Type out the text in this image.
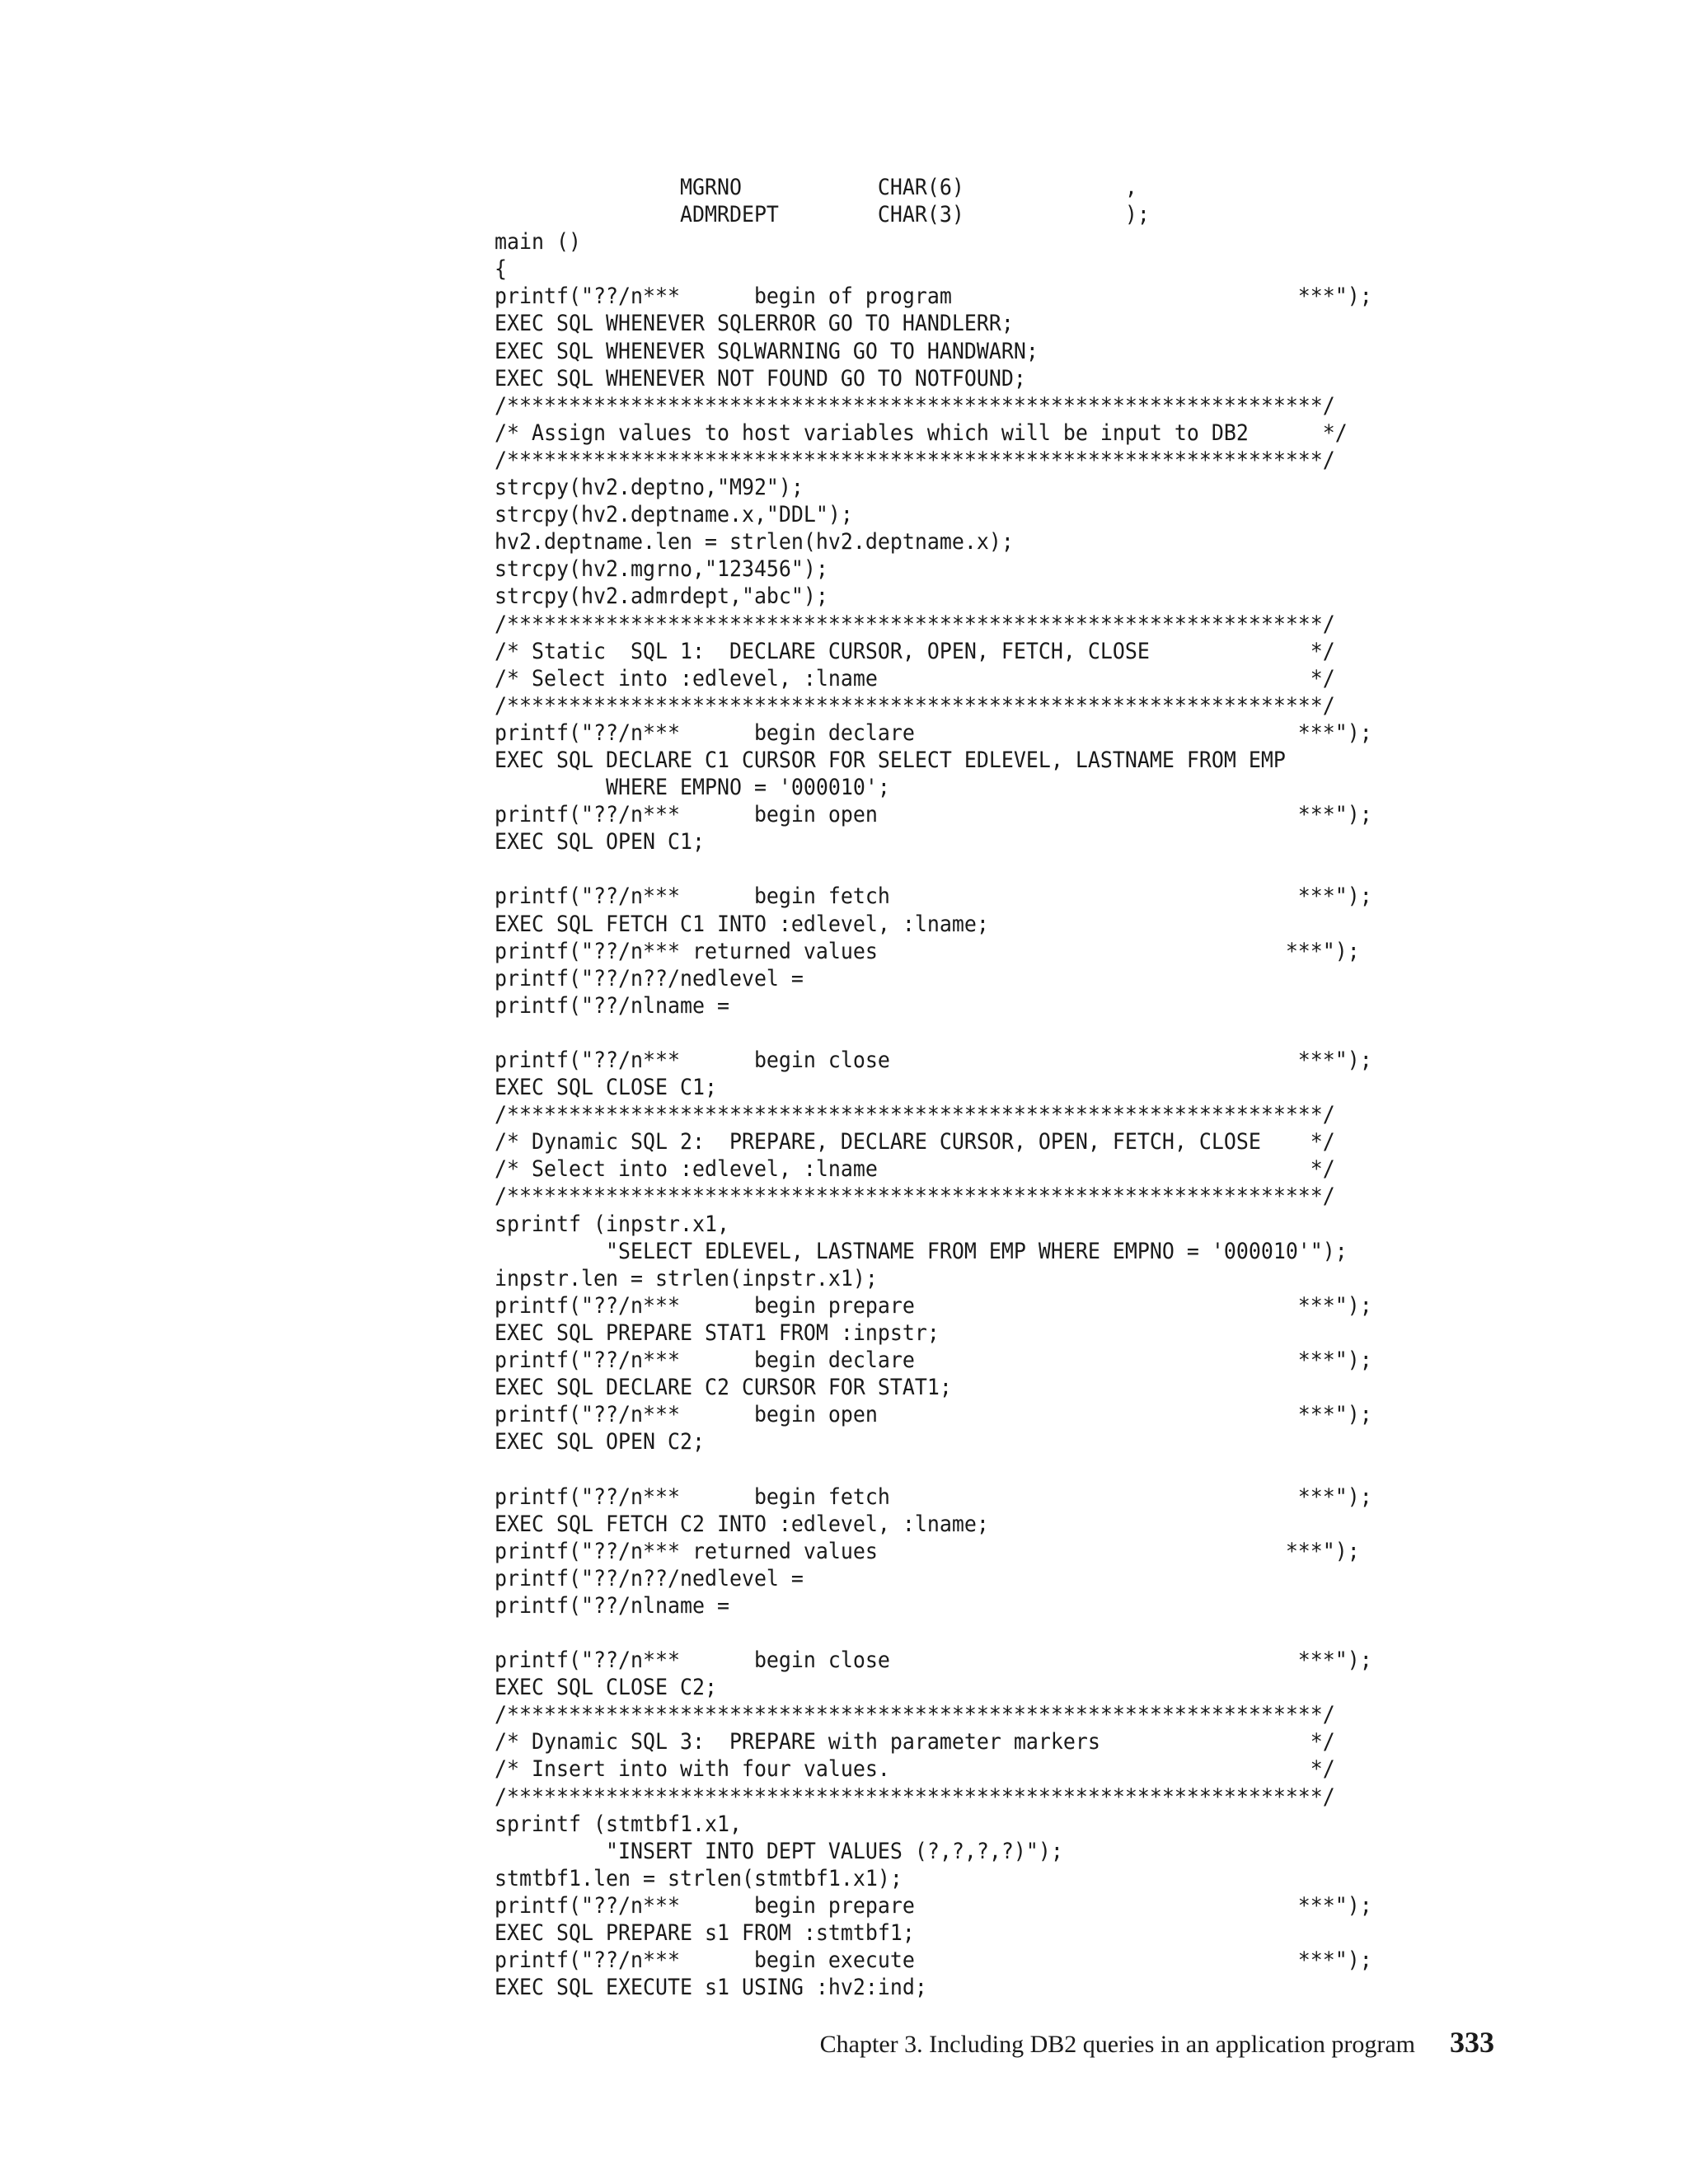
MGRNO           CHAR(6)             ,
ADMRDEPT        CHAR(3)             );
main ()
{
printf("??/n***      begin of program                            ***");
EXEC SQL WHENEVER SQLERROR GO TO HANDLERR;
EXEC SQL WHENEVER SQLWARNING GO TO HANDWARN;
EXEC SQL WHENEVER NOT FOUND GO TO NOTFOUND;
/******************************************************************/
/* Assign values to host variables which will be input to DB2      */
/******************************************************************/
strcpy(hv2.deptno,"M92");
strcpy(hv2.deptname.x,"DDL");
hv2.deptname.len = strlen(hv2.deptname.x);
strcpy(hv2.mgrno,"123456");
strcpy(hv2.admrdept,"abc");
/******************************************************************/
/* Static  SQL 1:  DECLARE CURSOR, OPEN, FETCH, CLOSE             */
/* Select into :edlevel, :lname                                   */
/******************************************************************/
printf("??/n***      begin declare                               ***");
EXEC SQL DECLARE C1 CURSOR FOR SELECT EDLEVEL, LASTNAME FROM EMP
WHERE EMPNO = '000010';
printf("??/n***      begin open                                  ***");
EXEC SQL OPEN C1;
printf("??/n***      begin fetch                                 ***");
EXEC SQL FETCH C1 INTO :edlevel, :lname;
printf("??/n*** returned values                                 ***");
printf("??/n??/nedlevel =
printf("??/nlname =
printf("??/n***      begin close                                 ***");
EXEC SQL CLOSE C1;
/******************************************************************/
/* Dynamic SQL 2:  PREPARE, DECLARE CURSOR, OPEN, FETCH, CLOSE    */
/* Select into :edlevel, :lname                                   */
/******************************************************************/
sprintf (inpstr.x1,
"SELECT EDLEVEL, LASTNAME FROM EMP WHERE EMPNO = '000010'");
inpstr.len = strlen(inpstr.x1);
printf("??/n***      begin prepare                               ***");
EXEC SQL PREPARE STAT1 FROM :inpstr;
printf("??/n***      begin declare                               ***");
EXEC SQL DECLARE C2 CURSOR FOR STAT1;
printf("??/n***      begin open                                  ***");
EXEC SQL OPEN C2;
printf("??/n***      begin fetch                                 ***");
EXEC SQL FETCH C2 INTO :edlevel, :lname;
printf("??/n*** returned values                                 ***");
printf("??/n??/nedlevel =
printf("??/nlname =
printf("??/n***      begin close                                 ***");
EXEC SQL CLOSE C2;
/******************************************************************/
/* Dynamic SQL 3:  PREPARE with parameter markers                 */
/* Insert into with four values.                                  */
/******************************************************************/
sprintf (stmtbf1.x1,
"INSERT INTO DEPT VALUES (?,?,?,?)");
stmtbf1.len = strlen(stmtbf1.x1);
printf("??/n***      begin prepare                               ***");
EXEC SQL PREPARE s1 FROM :stmtbf1;
printf("??/n***      begin execute                               ***");
EXEC SQL EXECUTE s1 USING :hv2:ind;
Chapter 3. Including DB2 queries in an application program 333
